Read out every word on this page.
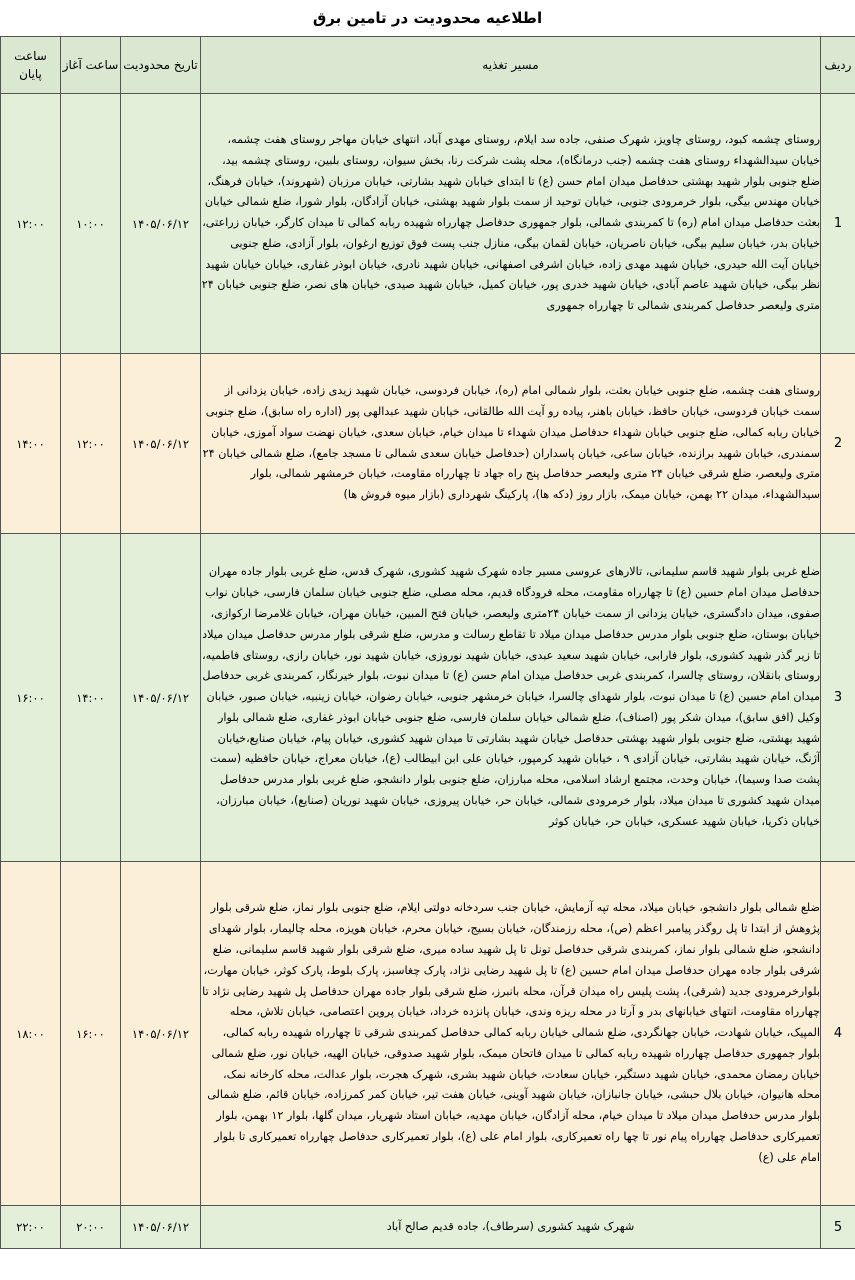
اطلاعیه محدودیت در تامین برق
ردیف	مسیر تغذیه	تاریخ محدودیت	ساعت آغاز	ساعت پایان
1	روستای چشمه کبود، روستای چاویز، شهرک صنفی، جاده سد ایلام، روستای مهدی آباد، انتهای خیابان مهاجر روستای هفت چشمه، خیابان سیدالشهداء روستای هفت چشمه (جنب درمانگاه)، محله پشت شرکت رنا، بخش سیوان، روستای بلبین، روستای چشمه بید، ضلع جنوبی بلوار شهید بهشتی حدفاصل میدان امام حسن (ع) تا ابتدای خیابان شهید بشارتی، خیابان مرزبان (شهروند)، خیابان فرهنگ، خیابان مهندس بیگی، بلوار خرمرودی جنوبی، خیابان توحید از سمت بلوار شهید بهشتی، خیابان آزادگان، بلوار شورا، ضلع شمالی خیابان بعثت حدفاصل میدان امام (ره) تا کمربندی شمالی، بلوار جمهوری حدفاصل چهارراه شهیده ربابه کمالی تا میدان کارگر، خیابان زراعتی، خیابان بدر، خیابان سلیم بیگی، خیابان ناصریان، خیابان لقمان بیگی، منازل جنب پست فوق توزیع ارغوان، بلوار آزادی، ضلع جنوبی خیابان آیت الله حیدری، خیابان شهید مهدی زاده، خیابان اشرفی اصفهانی، خیابان شهید نادری، خیابان ابوذر غفاری، خیابان خیابان شهید نظر بیگی، خیابان شهید عاصم آبادی، خیابان شهید خدری پور، خیابان کمیل، خیابان شهید صیدی، خیابان های نصر، ضلع جنوبی خیابان ۲۴ متری ولیعصر حدفاصل کمربندی شمالی تا چهارراه جمهوری	۱۴۰۵/۰۶/۱۲	۱۰:۰۰	۱۲:۰۰
2	روستای هفت چشمه، ضلع جنوبی خیابان بعثت، بلوار شمالی امام (ره)، خیابان فردوسی، خیابان شهید زیدی زاده، خیابان یزدانی از سمت خیابان فردوسی، خیابان حافظ، خیابان باهنر، پیاده رو آیت الله طالقانی، خیابان شهید عبدالهی پور (اداره راه سابق)، ضلع جنوبی خیابان ربابه کمالی، ضلع جنوبی خیابان شهداء حدفاصل میدان شهداء تا میدان خیام، خیابان سعدی، خیابان نهضت سواد آموزی، خیابان سمندری، خیابان شهید برازنده، خیابان ساعی، خیابان پاسداران (حدفاصل خیابان سعدی شمالی تا مسجد جامع)، ضلع شمالی خیابان ۲۴ متری ولیعصر، ضلع شرقی خیابان ۲۴ متری ولیعصر حدفاصل پنج راه جهاد تا چهارراه مقاومت، خیابان خرمشهر شمالی، بلوار سیدالشهداء، میدان ۲۲ بهمن، خیابان میمک، بازار روز (دکه ها)، پارکینگ شهرداری (بازار میوه فروش ها)	۱۴۰۵/۰۶/۱۲	۱۲:۰۰	۱۴:۰۰
3	ضلع غربی بلوار شهید قاسم سلیمانی، تالارهای عروسی مسیر جاده شهرک شهید کشوری، شهرک قدس، ضلع غربی بلوار جاده مهران حدفاصل میدان امام حسین (ع) تا چهارراه مقاومت، محله فرودگاه قدیم، محله مصلی، ضلع جنوبی خیابان سلمان فارسی، خیابان نواب صفوی، میدان دادگستری، خیابان یزدانی از سمت خیابان ۲۴متری ولیعصر، خیابان فتح المبین، خیابان مهران، خیابان غلامرضا ارکوازی، خیابان بوستان، ضلع جنوبی بلوار مدرس حدفاصل میدان میلاد تا تقاطع رسالت و مدرس، ضلع شرقی بلوار مدرس حدفاصل میدان میلاد تا زیر گذر شهید کشوری، بلوار فارابی، خیابان شهید سعید عبدی، خیابان شهید نوروزی، خیابان شهید نور، خیابان رازی، روستای فاطمیه، روستای بانقلان، روستای چالسرا، کمربندی غربی حدفاصل میدان امام حسن (ع) تا میدان نبوت، بلوار خیرنگار، کمربندی غربی حدفاصل میدان امام حسین (ع) تا میدان نبوت، بلوار شهدای چالسرا، خیابان خرمشهر جنوبی، خیابان رضوان، خیابان زینبیه، خیابان صبور، خیابان وکیل (افق سابق)، میدان شکر پور (اصناف)، ضلع شمالی خیابان سلمان فارسی، ضلع جنوبی خیابان ابوذر غفاری، ضلع شمالی بلوار شهید بهشتی، ضلع جنوبی بلوار شهید بهشتی حدفاصل خیابان شهید بشارتی تا میدان شهید کشوری، خیابان پیام، خیابان صنایع،خیابان آژنگ، خیابان شهید بشارتی، خیابان آزادی ۹ ، خیابان شهید کرمپور، خیابان علی ابن ابیطالب (ع)، خیابان معراج، خیابان حافظیه (سمت پشت صدا وسیما)، خیابان وحدت، مجتمع ارشاد اسلامی، محله مبارزان، ضلع جنوبی بلوار دانشجو، ضلع غربی بلوار مدرس حدفاصل میدان شهید کشوری تا میدان میلاد، بلوار خرمرودی شمالی، خیابان حر، خیابان پیروزی، خیابان شهید نوریان (صنایع)، خیابان مبارزان، خیابان ذکریا، خیابان شهید عسکری، خیابان حر، خیابان کوثر	۱۴۰۵/۰۶/۱۲	۱۴:۰۰	۱۶:۰۰
4	ضلع شمالی بلوار دانشجو، خیابان میلاد، محله تپه آزمایش، خیابان جنب سردخانه دولتی ایلام، ضلع جنوبی بلوار نماز، ضلع شرقی بلوار پژوهش از ابتدا تا پل روگذر پیامبر اعظم (ص)، محله رزمندگان، خیابان بسیج، خیابان محرم، خیابان هویزه، محله چالیمار، بلوار شهدای دانشجو، ضلع شمالی بلوار نماز، کمربندی شرقی حدفاصل تونل تا پل شهید ساده میری، ضلع شرقی بلوار شهید قاسم سلیمانی، ضلع شرقی بلوار جاده مهران حدفاصل میدان امام حسین (ع) تا پل شهید رضایی نژاد، پارک چغاسبز، پارک بلوط، پارک کوثر، خیابان مهارت، بلوارخرمرودی جدید (شرقی)، پشت پلیس راه میدان قرآن، محله بانبرز، ضلع شرقی بلوار جاده مهران حدفاصل پل شهید رضایی نژاد تا چهارراه مقاومت، انتهای خیابانهای بدر و آرتا در محله ریزه وندی، خیابان پانزده خرداد، خیابان پروین اعتصامی، خیابان تلاش، محله المپیک، خیابان شهادت، خیابان جهانگردی، ضلع شمالی خیابان ربابه کمالی حدفاصل کمربندی شرقی تا چهارراه شهیده ربابه کمالی، بلوار جمهوری حدفاصل چهارراه شهیده ربابه کمالی تا میدان فاتحان میمک، بلوار شهید صدوقی، خیابان الهیه، خیابان نور، ضلع شمالی خیابان رمضان محمدی، خیابان شهید دستگیر، خیابان سعادت، خیابان شهید بشری، شهرک هجرت، بلوار عدالت، محله کارخانه نمک، محله هانیوان، خیابان بلال حبشی، خیابان جانبازان، خیابان شهید آوینی، خیابان هفت تیر، خیابان کمر کمرزاده، خیابان قائم، ضلع شمالی بلوار مدرس حدفاصل میدان میلاد تا میدان خیام، محله آزادگان، خیابان مهدیه، خیابان استاد شهریار، میدان گلها، بلوار ۱۲ بهمن، بلوار تعمیرکاری حدفاصل چهارراه پیام نور تا چها راه تعمیرکاری، بلوار امام علی (ع)، بلوار تعمیرکاری حدفاصل چهارراه تعمیرکاری تا بلوار امام علی (ع)	۱۴۰۵/۰۶/۱۲	۱۶:۰۰	۱۸:۰۰
5	شهرک شهید کشوری (سرطاف)، جاده قدیم صالح آباد	۱۴۰۵/۰۶/۱۲	۲۰:۰۰	۲۲:۰۰
